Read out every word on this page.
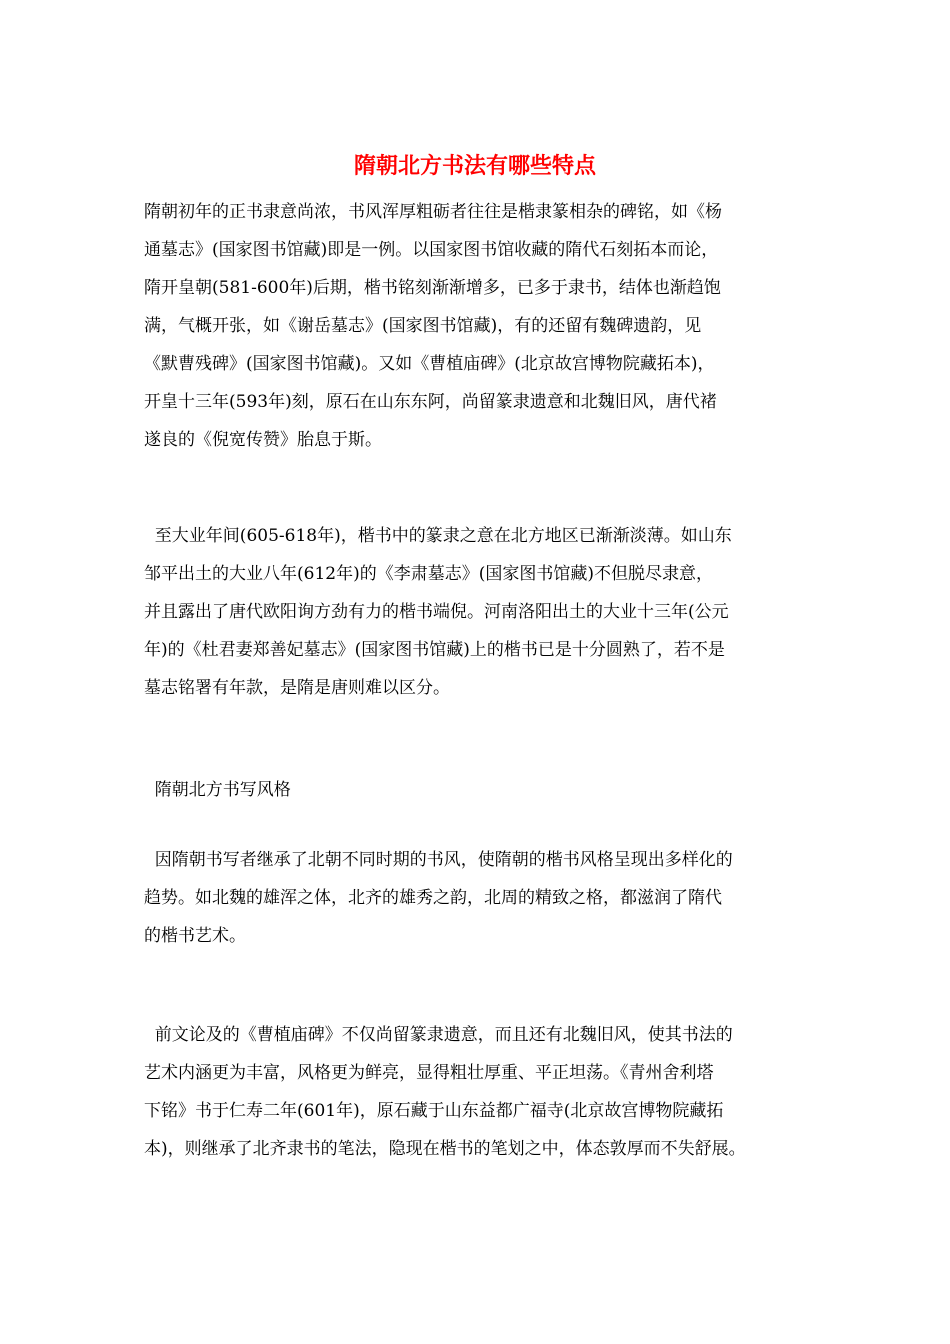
隋朝北方书法有哪些特点
隋朝初年的正书隶意尚浓，书风浑厚粗砺者往往是楷隶篆相杂的碑铭，如《杨
通墓志》(国家图书馆藏)即是一例。以国家图书馆收藏的隋代石刻拓本而论，
隋开皇朝(581-600年)后期，楷书铭刻渐渐增多，已多于隶书，结体也渐趋饱
满，气概开张，如《谢岳墓志》(国家图书馆藏)，有的还留有魏碑遗韵，见
《默曹残碑》(国家图书馆藏)。又如《曹植庙碑》(北京故宫博物院藏拓本)，
开皇十三年(593年)刻，原石在山东东阿，尚留篆隶遗意和北魏旧风，唐代褚
遂良的《倪宽传赞》胎息于斯。
至大业年间(605-618年)，楷书中的篆隶之意在北方地区已渐渐淡薄。如山东
邹平出土的大业八年(612年)的《李肃墓志》(国家图书馆藏)不但脱尽隶意，
并且露出了唐代欧阳询方劲有力的楷书端倪。河南洛阳出土的大业十三年(公元
年)的《杜君妻郑善妃墓志》(国家图书馆藏)上的楷书已是十分圆熟了，若不是
墓志铭署有年款，是隋是唐则难以区分。
隋朝北方书写风格
因隋朝书写者继承了北朝不同时期的书风，使隋朝的楷书风格呈现出多样化的
趋势。如北魏的雄浑之体，北齐的雄秀之韵，北周的精致之格，都滋润了隋代
的楷书艺术。
前文论及的《曹植庙碑》不仅尚留篆隶遗意，而且还有北魏旧风，使其书法的
艺术内涵更为丰富，风格更为鲜亮，显得粗壮厚重、平正坦荡。《青州舍利塔
下铭》书于仁寿二年(601年)，原石藏于山东益都广福寺(北京故宫博物院藏拓
本)，则继承了北齐隶书的笔法，隐现在楷书的笔划之中，体态敦厚而不失舒展。
